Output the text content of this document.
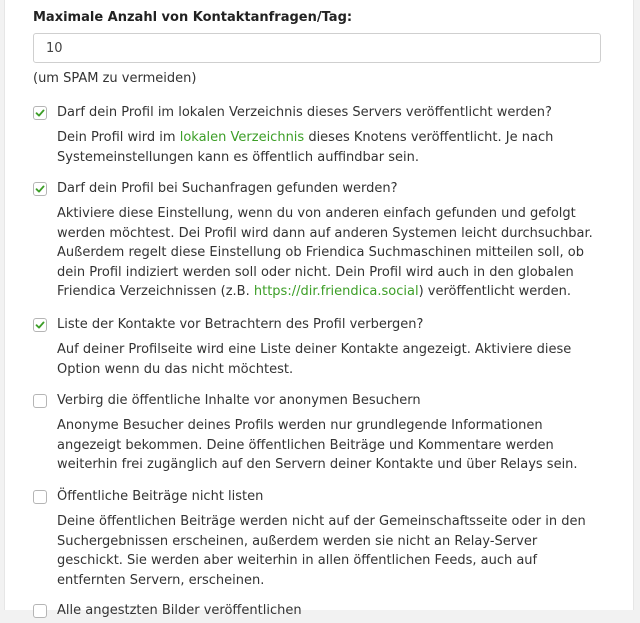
Maximale Anzahl von Kontaktanfragen/Tag:
10
(um SPAM zu vermeiden)
Darf dein Profil im lokalen Verzeichnis dieses Servers veröffentlicht werden?
Dein Profil wird im lokalen Verzeichnis dieses Knotens veröffentlicht. Je nach Systemeinstellungen kann es öffentlich auffindbar sein.
Darf dein Profil bei Suchanfragen gefunden werden?
Aktiviere diese Einstellung, wenn du von anderen einfach gefunden und gefolgt werden möchtest. Dei Profil wird dann auf anderen Systemen leicht durchsuchbar. Außerdem regelt diese Einstellung ob Friendica Suchmaschinen mitteilen soll, ob dein Profil indiziert werden soll oder nicht. Dein Profil wird auch in den globalen Friendica Verzeichnissen (z.B. https://dir.friendica.social) veröffentlicht werden.
Liste der Kontakte vor Betrachtern des Profil verbergen?
Auf deiner Profilseite wird eine Liste deiner Kontakte angezeigt. Aktiviere diese Option wenn du das nicht möchtest.
Verbirg die öffentliche Inhalte vor anonymen Besuchern
Anonyme Besucher deines Profils werden nur grundlegende Informationen angezeigt bekommen. Deine öffentlichen Beiträge und Kommentare werden weiterhin frei zugänglich auf den Servern deiner Kontakte und über Relays sein.
Öffentliche Beiträge nicht listen
Deine öffentlichen Beiträge werden nicht auf der Gemeinschaftsseite oder in den Suchergebnissen erscheinen, außerdem werden sie nicht an Relay-Server geschickt. Sie werden aber weiterhin in allen öffentlichen Feeds, auch auf entfernten Servern, erscheinen.
Alle angestzten Bilder veröffentlichen
